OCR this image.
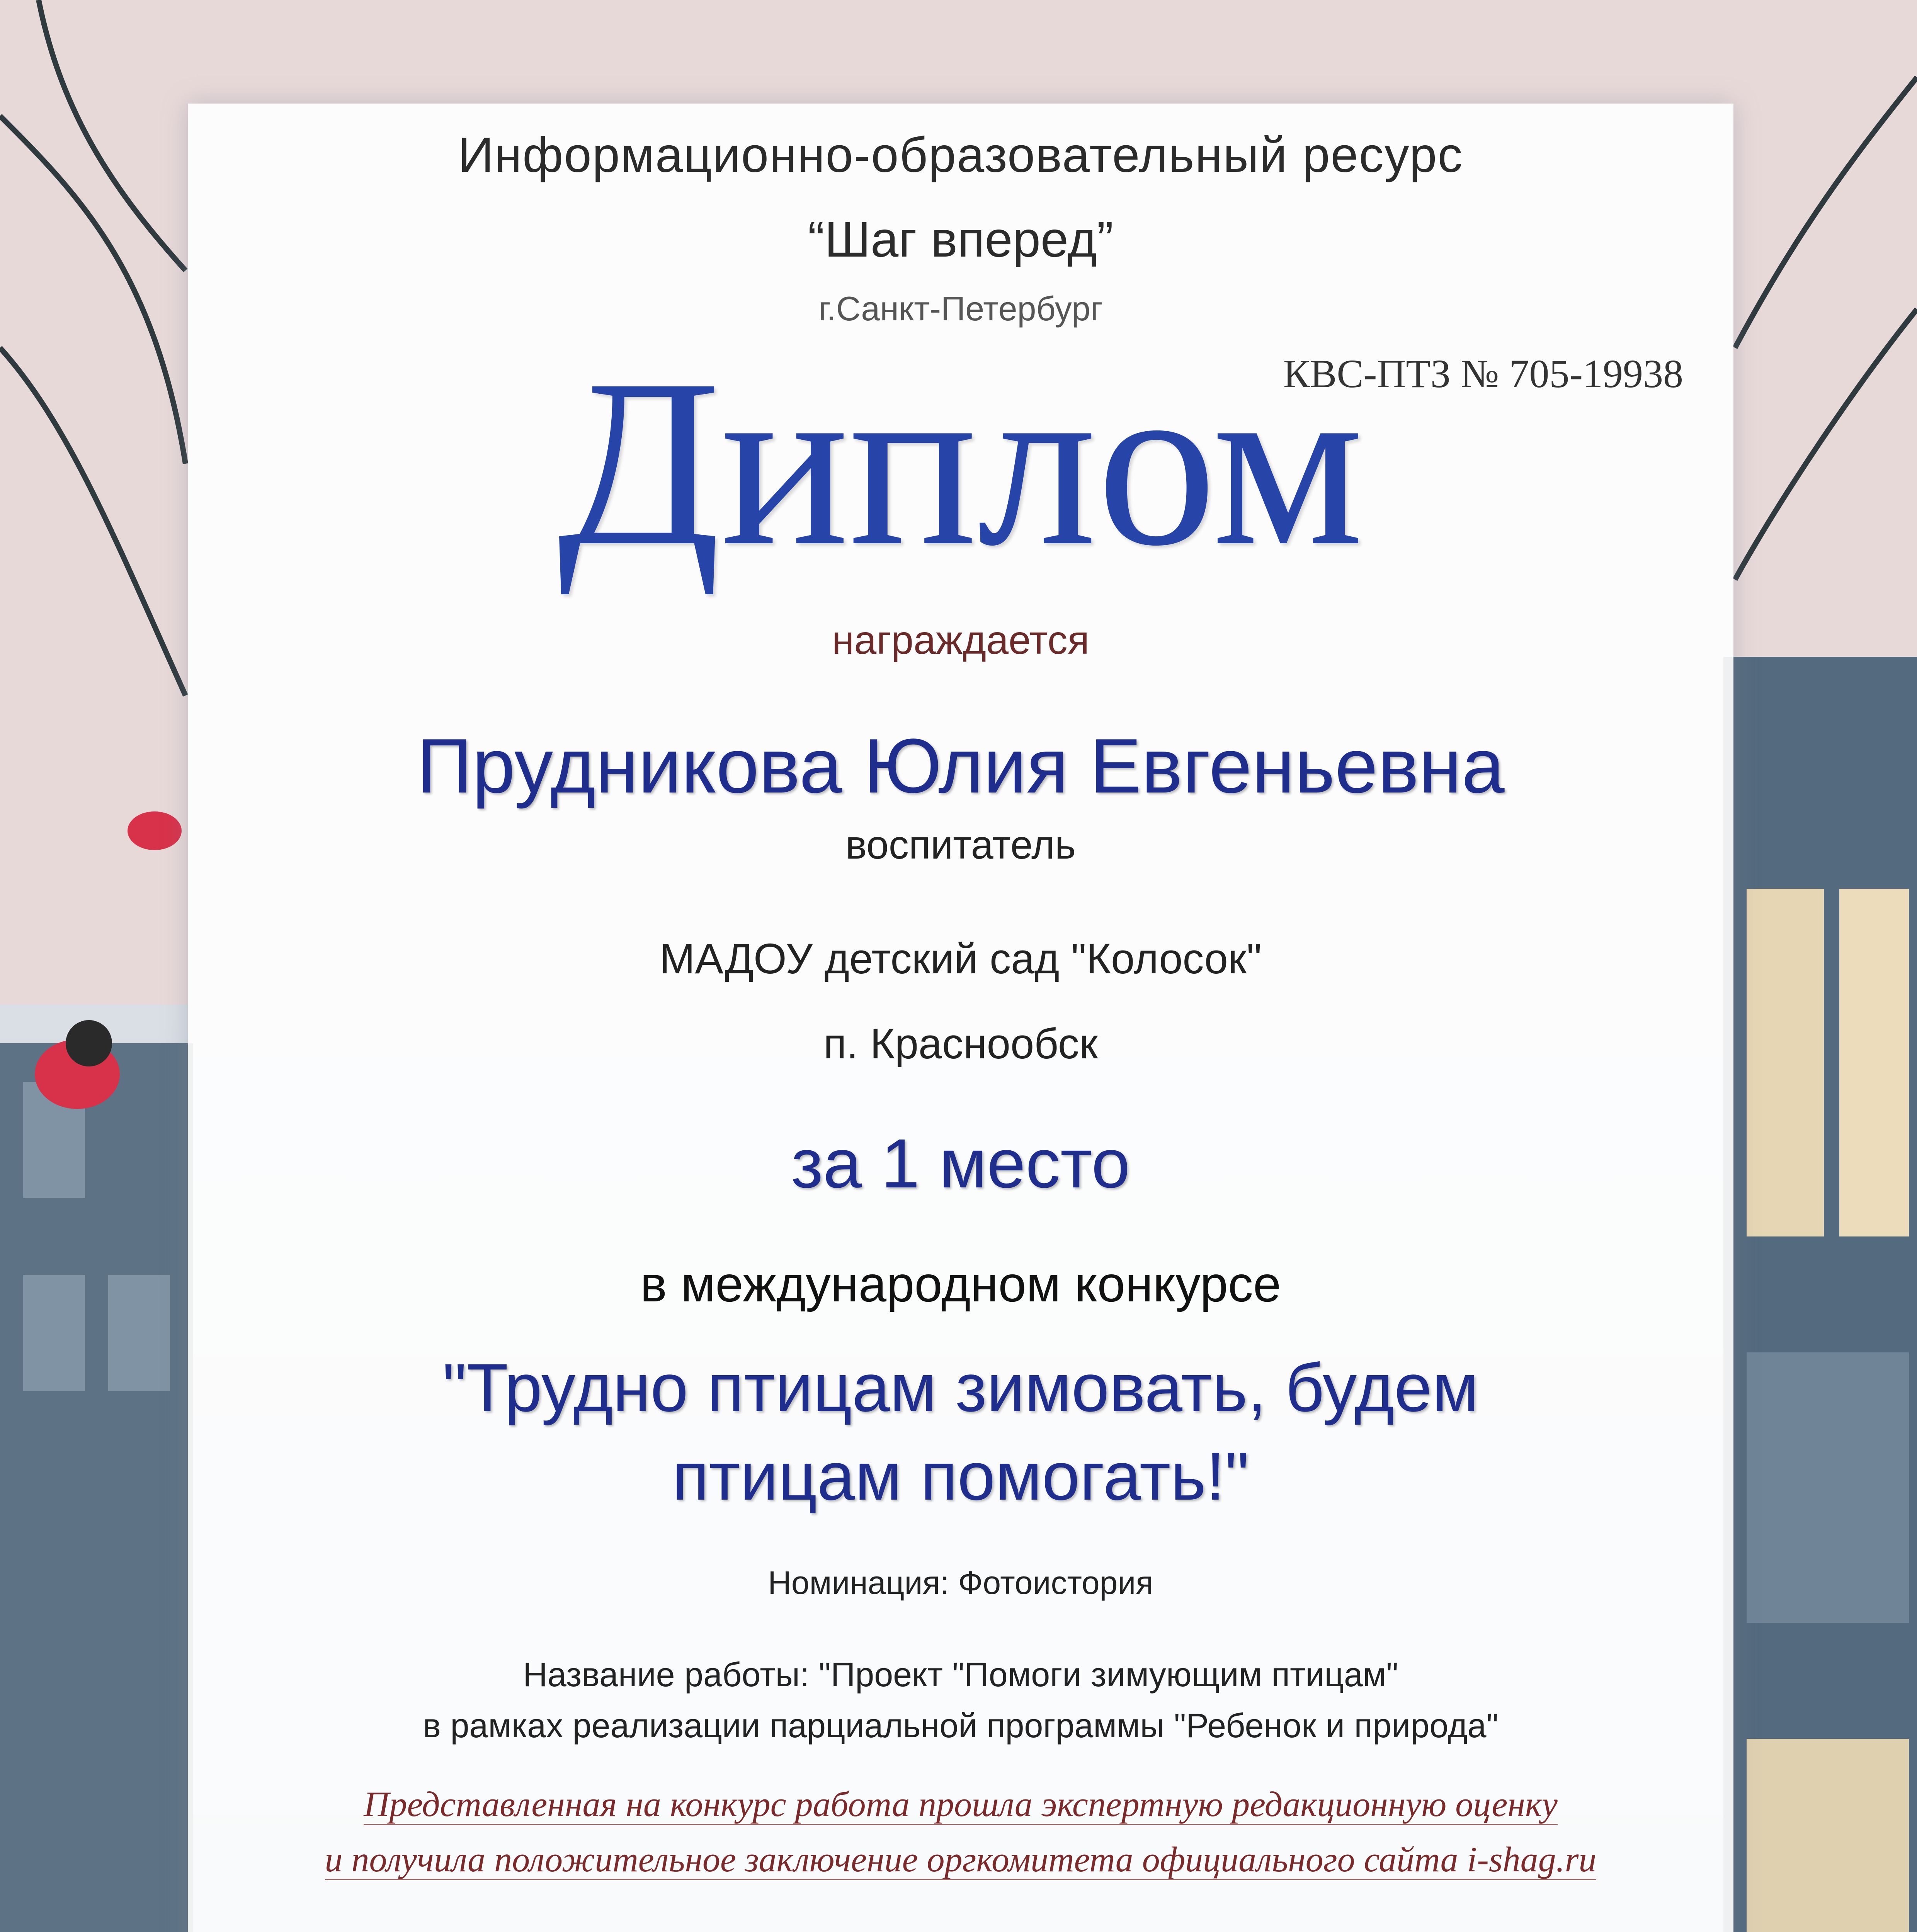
Информационно-образовательный ресурс
“Шаг вперед”
г.Санкт-Петербург
КВС-ПТЗ № 705-19938
Диплом
награждается
Прудникова Юлия Евгеньевна
воспитатель
МАДОУ детский сад "Колосок"
п. Краснообск
за 1 место
в международном конкурсе
"Трудно птицам зимовать, будем
птицам помогать!"
Номинация: Фотоистория
Название работы: "Проект "Помоги зимующим птицам"
в рамках реализации парциальной программы "Ребенок и природа"
Представленная на конкурс работа прошла экспертную редакционную оценку
и получила положительное заключение оргкомитета официального сайта i-shag.ru
